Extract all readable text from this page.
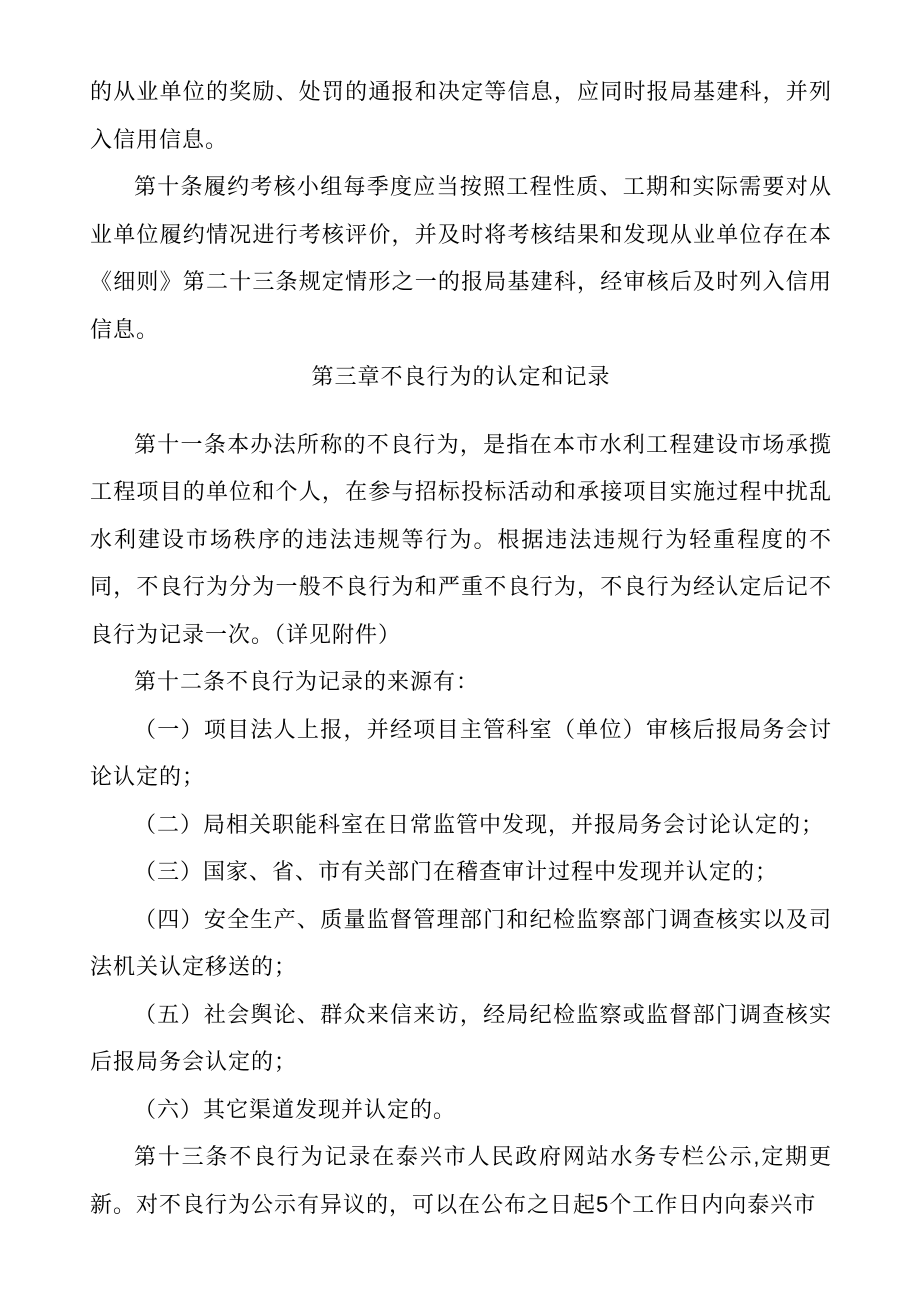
的从业单位的奖励、处罚的通报和决定等信息，应同时报局基建科，并列入信用信息。

第十条履约考核小组每季度应当按照工程性质、工期和实际需要对从业单位履约情况进行考核评价，并及时将考核结果和发现从业单位存在本《细则》第二十三条规定情形之一的报局基建科，经审核后及时列入信用信息。

第三章不良行为的认定和记录

第十一条本办法所称的不良行为，是指在本市水利工程建设市场承揽工程项目的单位和个人，在参与招标投标活动和承接项目实施过程中扰乱水利建设市场秩序的违法违规等行为。根据违法违规行为轻重程度的不同，不良行为分为一般不良行为和严重不良行为，不良行为经认定后记不良行为记录一次。（详见附件）

第十二条不良行为记录的来源有：

（一）项目法人上报，并经项目主管科室（单位）审核后报局务会讨论认定的；

（二）局相关职能科室在日常监管中发现，并报局务会讨论认定的；

（三）国家、省、市有关部门在稽查审计过程中发现并认定的；

（四）安全生产、质量监督管理部门和纪检监察部门调查核实以及司法机关认定移送的；

（五）社会舆论、群众来信来访，经局纪检监察或监督部门调查核实后报局务会认定的；

（六）其它渠道发现并认定的。

第十三条不良行为记录在泰兴市人民政府网站水务专栏公示,定期更新。对不良行为公示有异议的，可以在公布之日起5个工作日内向泰兴市
